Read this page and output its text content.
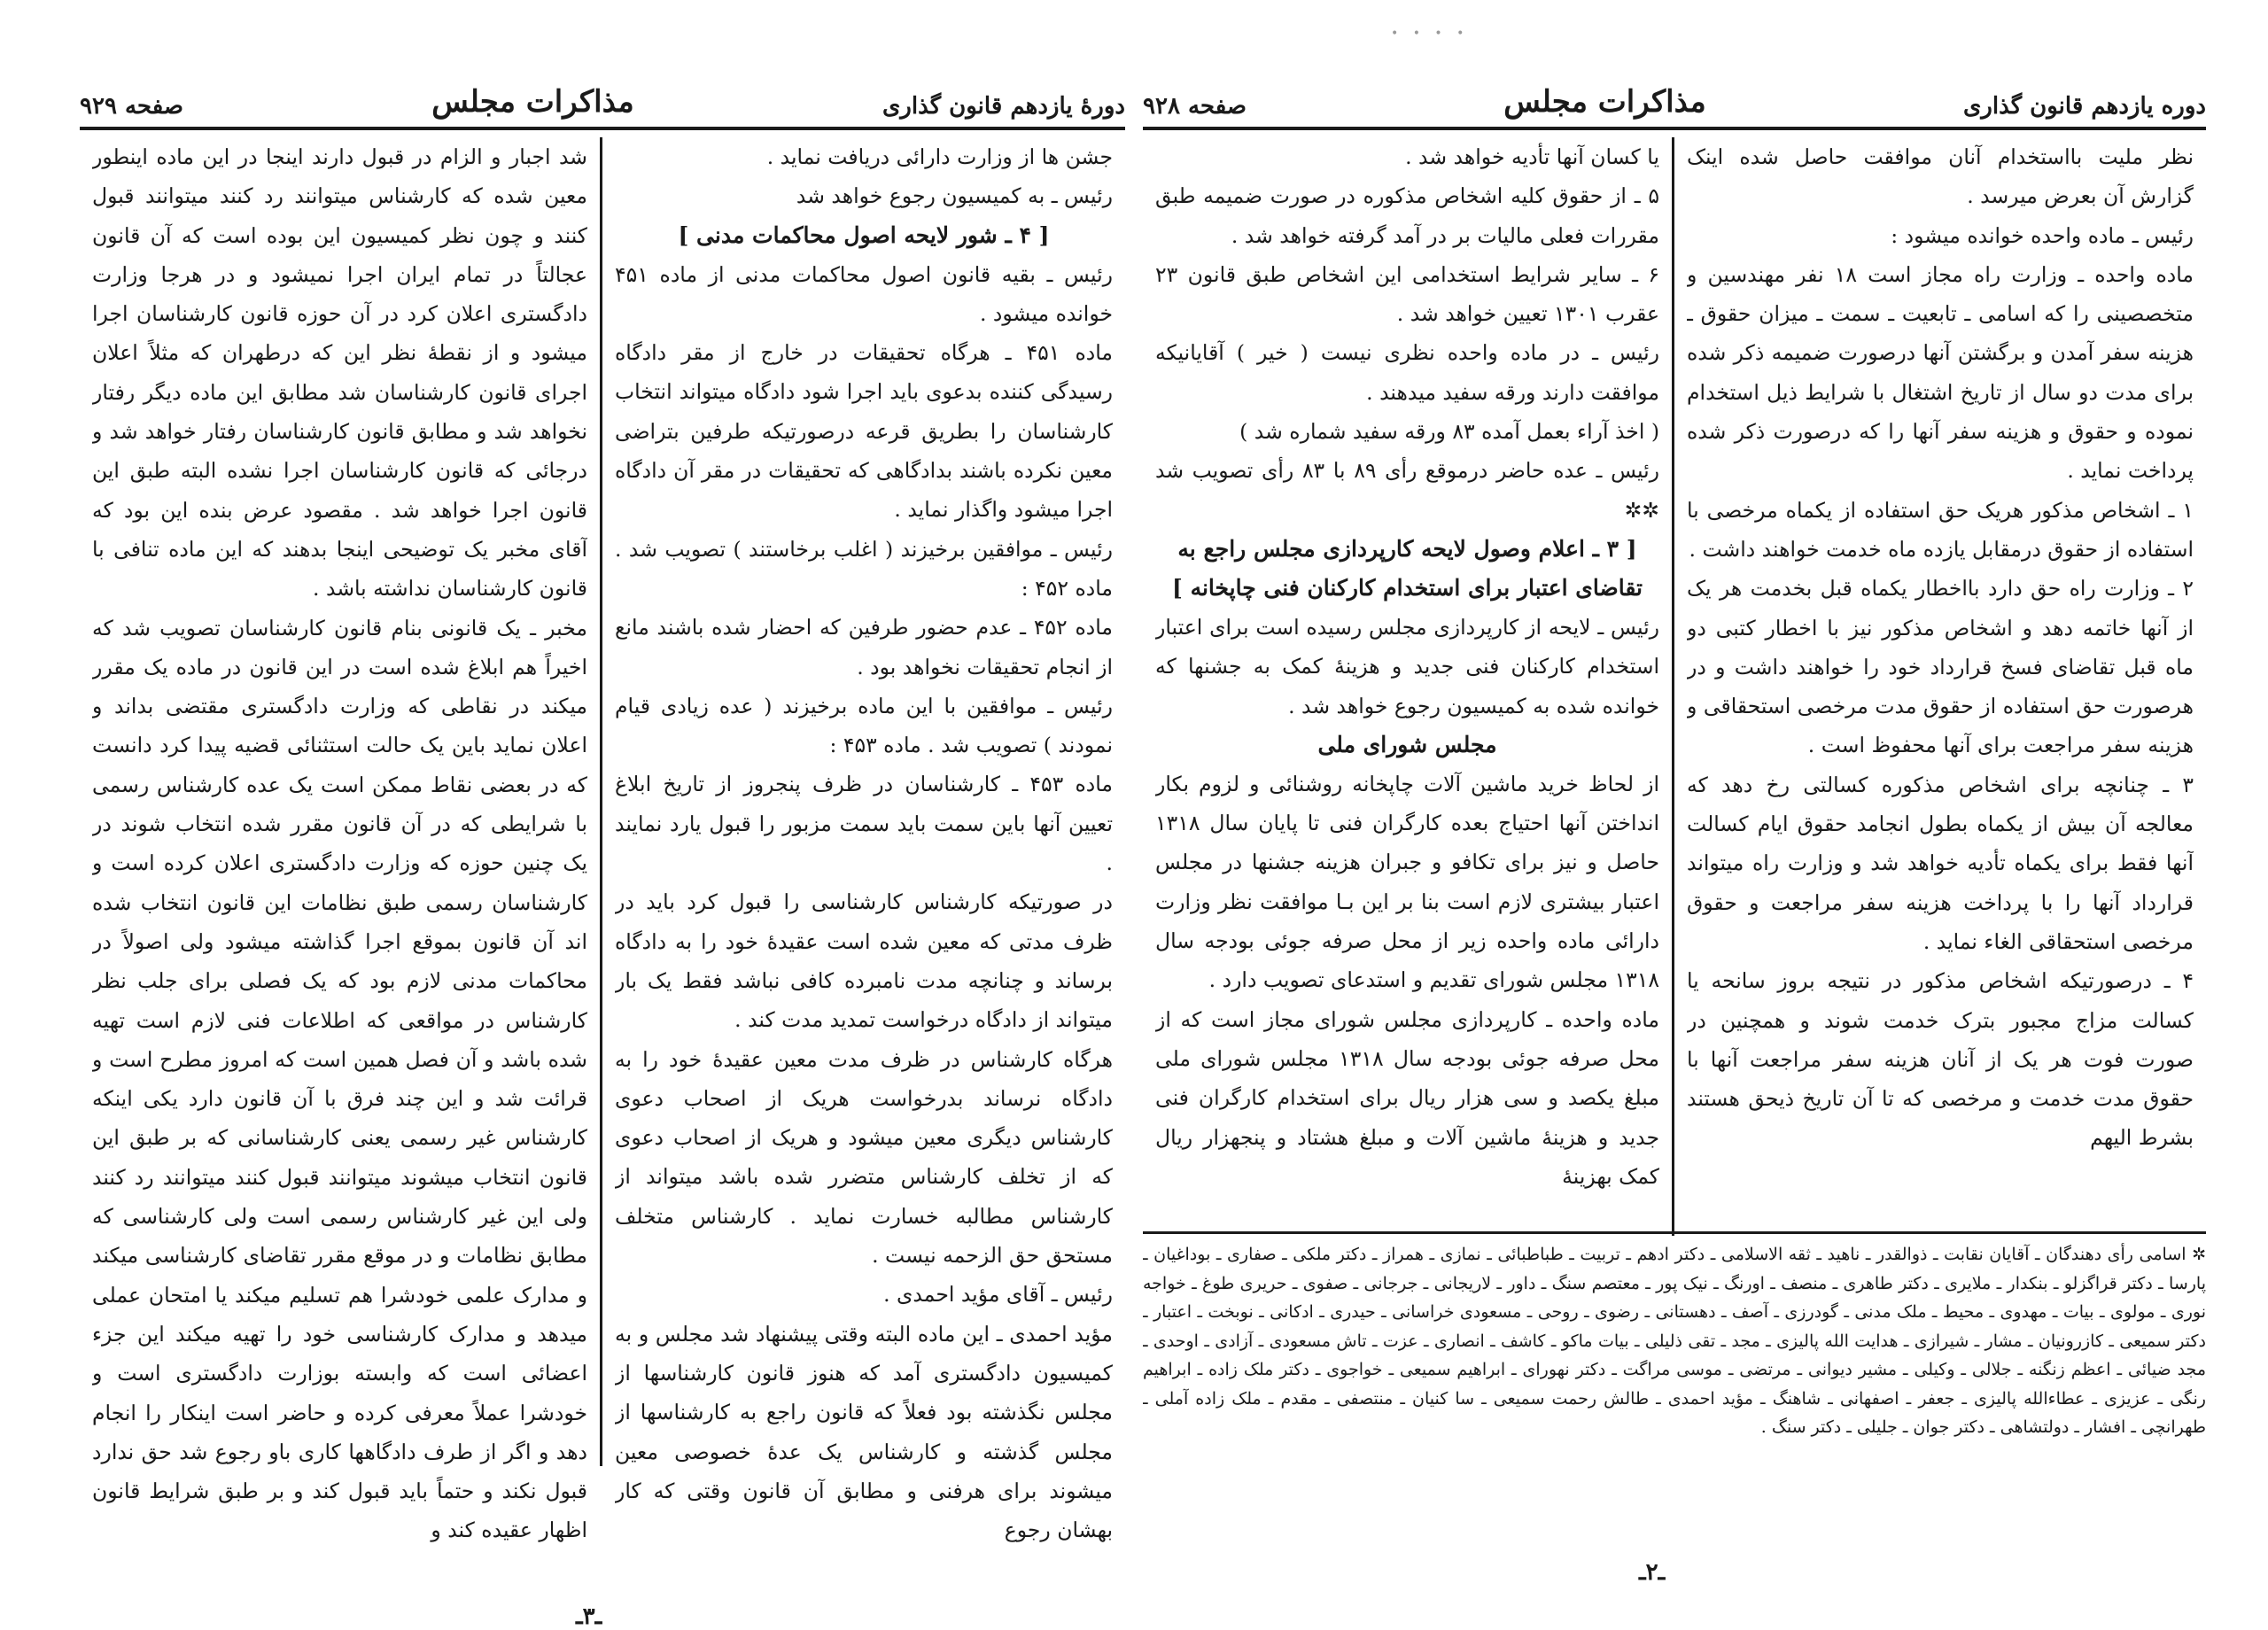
• • • •
دورهٔ یازدهم قانون گذاری
مذاکرات مجلس
صفحه ۹۲۹

جشن ها از وزارت دارائی دریافت نماید .

رئیس ـ به کمیسیون رجوع خواهد شد

[ ۴ ـ شور لایحه اصول محاکمات مدنی ]

رئیس ـ بقیه قانون اصول محاکمات مدنی از ماده ۴۵۱ خوانده میشود .

ماده ۴۵۱ ـ هرگاه تحقیقات در خارج از مقر دادگاه رسیدگی کننده بدعوی باید اجرا شود دادگاه میتواند انتخاب کارشناسان را بطریق قرعه درصورتیکه طرفین بتراضی معین نکرده باشند بدادگاهی که تحقیقات در مقر آن دادگاه اجرا میشود واگذار نماید .

رئیس ـ موافقین برخیزند ( اغلب برخاستند ) تصویب شد . ماده ۴۵۲ :

ماده ۴۵۲ ـ عدم حضور طرفین که احضار شده باشند مانع از انجام تحقیقات نخواهد بود .

رئیس ـ موافقین با این ماده برخیزند ( عده زیادی قیام نمودند ) تصویب شد . ماده ۴۵۳ :

ماده ۴۵۳ ـ کارشناسان در ظرف پنجروز از تاریخ ابلاغ تعیین آنها باین سمت باید سمت مزبور را قبول یارد نمایند .

در صورتیکه کارشناس کارشناسی را قبول کرد باید در ظرف مدتی که معین شده است عقیدهٔ خود را به دادگاه برساند و چنانچه مدت نامبرده کافی نباشد فقط یک بار میتواند از دادگاه درخواست تمدید مدت کند .

هرگاه کارشناس در ظرف مدت معین عقیدهٔ خود را به دادگاه نرساند بدرخواست هریک از اصحاب دعوی کارشناس دیگری معین میشود و هریک از اصحاب دعوی که از تخلف کارشناس متضرر شده باشد میتواند از کارشناس مطالبه خسارت نماید . کارشناس متخلف مستحق حق الزحمه نیست .

رئیس ـ آقای مؤید احمدی .

مؤید احمدی ـ این ماده البته وقتی پیشنهاد شد مجلس و به کمیسیون دادگستری آمد که هنوز قانون کارشناسها از مجلس نگذشته بود فعلاً که قانون راجع به کارشناسها از مجلس گذشته و کارشناس یک عدهٔ خصوصی معین میشوند برای هرفنی و مطابق آن قانون وقتی که کار بهشان رجوع

شد اجبار و الزام در قبول دارند اینجا در این ماده اینطور معین شده که کارشناس میتوانند رد کنند میتوانند قبول کنند و چون نظر کمیسیون این بوده است که آن قانون عجالتاً در تمام ایران اجرا نمیشود و در هرجا وزارت دادگستری اعلان کرد در آن حوزه قانون کارشناسان اجرا میشود و از نقطهٔ نظر این که درطهران که مثلاً اعلان اجرای قانون کارشناسان شد مطابق این ماده دیگر رفتار نخواهد شد و مطابق قانون کارشناسان رفتار خواهد شد و درجائی که قانون کارشناسان اجرا نشده البته طبق این قانون اجرا خواهد شد . مقصود عرض بنده این بود که آقای مخبر یک توضیحی اینجا بدهند که این ماده تنافی با قانون کارشناسان نداشته باشد .

مخبر ـ یک قانونی بنام قانون کارشناسان تصویب شد که اخیراً هم ابلاغ شده است در این قانون در ماده یک مقرر میکند در نقاطی که وزارت دادگستری مقتضی بداند و اعلان نماید باین یک حالت استثنائی قضیه پیدا کرد دانست که در بعضی نقاط ممکن است یک عده کارشناس رسمی با شرایطی که در آن قانون مقرر شده انتخاب شوند در یک چنین حوزه که وزارت دادگستری اعلان کرده است و کارشناسان رسمی طبق نظامات این قانون انتخاب شده اند آن قانون بموقع اجرا گذاشته میشود ولی اصولاً در محاکمات مدنی لازم بود که یک فصلی برای جلب نظر کارشناس در مواقعی که اطلاعات فنی لازم است تهیه شده باشد و آن فصل همین است که امروز مطرح است و قرائت شد و این چند فرق با آن قانون دارد یکی اینکه کارشناس غیر رسمی یعنی کارشناسانی که بر طبق این قانون انتخاب میشوند میتوانند قبول کنند میتوانند رد کنند ولی این غیر کارشناس رسمی است ولی کارشناسی که مطابق نظامات و در موقع مقرر تقاضای کارشناسی میکند و مدارک علمی خودشرا هم تسلیم میکند یا امتحان عملی میدهد و مدارک کارشناسی خود را تهیه میکند این جزء اعضائی است که وابسته بوزارت دادگستری است و خودشرا عملاً معرفی کرده و حاضر است اینکار را انجام دهد و اگر از طرف دادگاهها کاری باو رجوع شد حق ندارد قبول نکند و حتماً باید قبول کند و بر طبق شرایط قانون اظهار عقیده کند و

ـ۳ـ
دوره یازدهم قانون گذاری
مذاکرات مجلس
صفحه ۹۲۸

نظر ملیت بااستخدام آنان موافقت حاصل شده اینک گزارش آن بعرض میرسد .

رئیس ـ ماده واحده خوانده میشود :

ماده واحده ـ وزارت راه مجاز است ۱۸ نفر مهندسین و متخصصینی را که اسامی ـ تابعیت ـ سمت ـ میزان حقوق ـ هزینه سفر آمدن و برگشتن آنها درصورت ضمیمه ذکر شده برای مدت دو سال از تاریخ اشتغال با شرایط ذیل استخدام نموده و حقوق و هزینه سفر آنها را که درصورت ذکر شده پرداخت نماید .

۱ ـ اشخاص مذکور هریک حق استفاده از یکماه مرخصی با استفاده از حقوق درمقابل یازده ماه خدمت خواهند داشت .

۲ ـ وزارت راه حق دارد بااخطار یکماه قبل بخدمت هر یک از آنها خاتمه دهد و اشخاص مذکور نیز با اخطار کتبی دو ماه قبل تقاضای فسخ قرارداد خود را خواهند داشت و در هرصورت حق استفاده از حقوق مدت مرخصی استحقاقی و هزینه سفر مراجعت برای آنها محفوظ است .

۳ ـ چنانچه برای اشخاص مذکوره کسالتی رخ دهد که معالجه آن بیش از یکماه بطول انجامد حقوق ایام کسالت آنها فقط برای یکماه تأدیه خواهد شد و وزارت راه میتواند قرارداد آنها را با پرداخت هزینه سفر مراجعت و حقوق مرخصی استحقاقی الغاء نماید .

۴ ـ درصورتیکه اشخاص مذکور در نتیجه بروز سانحه یا کسالت مزاج مجبور بترک خدمت شوند و همچنین در صورت فوت هر یک از آنان هزینه سفر مراجعت آنها با حقوق مدت خدمت و مرخصی که تا آن تاریخ ذیحق هستند بشرط الیهم

یا کسان آنها تأدیه خواهد شد .

۵ ـ از حقوق کلیه اشخاص مذکوره در صورت ضمیمه طبق مقررات فعلی مالیات بر در آمد گرفته خواهد شد .

۶ ـ سایر شرایط استخدامی این اشخاص طبق قانون ۲۳ عقرب ۱۳۰۱ تعیین خواهد شد .

رئیس ـ در ماده واحده نظری نیست ( خیر ) آقایانیکه موافقت دارند ورقه سفید میدهند .

( اخذ آراء بعمل آمده ۸۳ ورقه سفید شماره شد )

رئیس ـ عده حاضر درموقع رأی ۸۹ با ۸۳ رأی تصویب شد ✲✲

[ ۳ ـ اعلام وصول لایحه کارپردازی مجلس راجع به تقاضای اعتبار برای استخدام کارکنان فنی چاپخانه ]

رئیس ـ لایحه از کارپردازی مجلس رسیده است برای اعتبار استخدام کارکنان فنی جدید و هزینهٔ کمک به جشنها که خوانده شده به کمیسیون رجوع خواهد شد .

مجلس شورای ملی

از لحاظ خرید ماشین آلات چاپخانه روشنائی و لزوم بکار انداختن آنها احتیاج بعده کارگران فنی تا پایان سال ۱۳۱۸ حاصل و نیز برای تکافو و جبران هزینه جشنها در مجلس اعتبار بیشتری لازم است بنا بر این بـا موافقت نظر وزارت دارائی ماده واحده زیر از محل صرفه جوئی بودجه سال ۱۳۱۸ مجلس شورای تقدیم و استدعای تصویب دارد .

ماده واحده ـ کارپردازی مجلس شورای مجاز است که از محل صرفه جوئی بودجه سال ۱۳۱۸ مجلس شورای ملی مبلغ یکصد و سی هزار ریال برای استخدام کارگران فنی جدید و هزینهٔ ماشین آلات و مبلغ هشتاد و پنجهزار ریال کمک بهزینهٔ

✲ اسامی رأی دهندگان ـ آقایان نقابت ـ ذوالقدر ـ ناهید ـ ثقه الاسلامی ـ دکتر ادهم ـ تربیت ـ طباطبائی ـ نمازی ـ همراز ـ دکتر ملکی ـ صفاری ـ بوداغیان ـ پارسا ـ دکتر قراگزلو ـ بنکدار ـ ملایری ـ دکتر طاهری ـ منصف ـ اورنگ ـ نیک پور ـ معتصم سنگ ـ داور ـ لاریجانی ـ جرجانی ـ صفوی ـ حریری طوغ ـ خواجه نوری ـ مولوی ـ بیات ـ مهدوی ـ محیط ـ ملک مدنی ـ گودرزی ـ آصف ـ دهستانی ـ رضوی ـ روحی ـ مسعودی خراسانی ـ حیدری ـ ادکانی ـ نوبخت ـ اعتبار ـ دکتر سمیعی ـ کازرونیان ـ مشار ـ شیرازی ـ هدایت الله پالیزی ـ مجد ـ تقی ذلیلی ـ بیات ماکو ـ کاشف ـ انصاری ـ عزت ـ تاش مسعودی ـ آزادی ـ اوحدی ـ مجد ضیائی ـ اعظم زنگنه ـ جلالی ـ وکیلی ـ مشیر دیوانی ـ مرتضی ـ موسی مراگت ـ دکتر نهورای ـ ابراهیم سمیعی ـ خواجوی ـ دکتر ملک زاده ـ ابراهیم رنگی ـ عزیزی ـ عطاءالله پالیزی ـ جعفر ـ اصفهانی ـ شاهنگ ـ مؤید احمدی ـ طالش رحمت سمیعی ـ سا کنیان ـ منتصفی ـ مقدم ـ ملک زاده آملی ـ طهرانچی ـ افشار ـ دولتشاهی ـ دکتر جوان ـ جلیلی ـ دکتر سنگ .
ـ۲ـ
